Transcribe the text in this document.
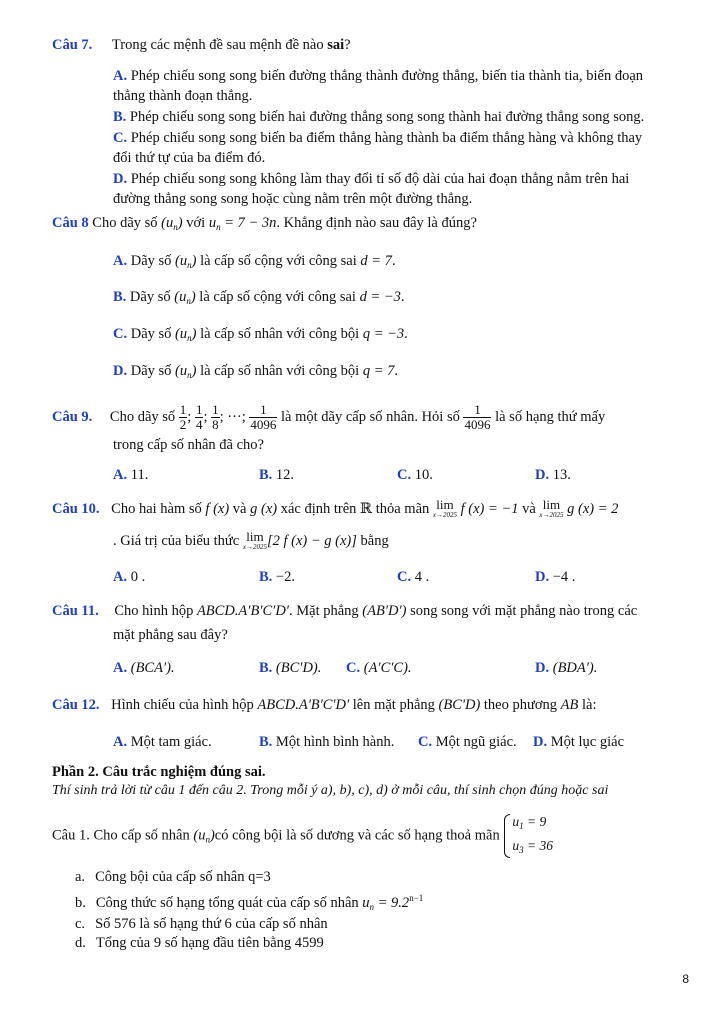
Câu 7. Trong các mệnh đề sau mệnh đề nào sai?
A. Phép chiếu song song biến đường thẳng thành đường thẳng, biến tia thành tia, biến đoạn
thẳng thành đoạn thẳng.
B. Phép chiếu song song biến hai đường thẳng song song thành hai đường thẳng song song.
C. Phép chiếu song song biến ba điểm thẳng hàng thành ba điểm thẳng hàng và không thay
đổi thứ tự của ba điểm đó.
D. Phép chiếu song song không làm thay đổi tỉ số độ dài của hai đoạn thẳng nằm trên hai
đường thẳng song song hoặc cùng nằm trên một đường thẳng.
Câu 8 Cho dãy số $(u_n)$ với $u_n = 7 - 3n$. Khẳng định nào sau đây là đúng?
A. Dãy số $(u_n)$ là cấp số cộng với công sai d = 7.
B. Dãy số $(u_n)$ là cấp số cộng với công sai d = −3.
C. Dãy số $(u_n)$ là cấp số nhân với công bội q = −3.
D. Dãy số $(u_n)$ là cấp số nhân với công bội q = 7.
Câu 9. Cho dãy số $\frac{1}{2}$ ; $\frac{1}{4}$ ; $\frac{1}{8}$ ; ···; $\frac{1}{4096}$ là một dãy cấp số nhân. Hỏi số $\frac{1}{4096}$ là số hạng thứ mấy
trong cấp số nhân đã cho?
A. 11.	B. 12.	C. 10.	D. 13.
Câu 10. Cho hai hàm số f (x) và g (x) xác định trên ℝ thỏa mãn lim
x→2025 f (x) = −1 và lim
x→2025 g (x) = 2
. Giá trị của biểu thức lim
x→2025 [2 f (x) − g (x)] bằng
A. 0 .	B. −2.	C. 4 .	D. −4 .
Câu 11. Cho hình hộp ABCD.A′B′C′D′. Mặt phẳng (AB′D′) song song với mặt phẳng nào trong các
mặt phẳng sau đây?
A. (BCA′).	B. (BC′D). C. (A′C′C).	D. (BDA′).
Câu 12. Hình chiếu của hình hộp ABCD.A'B'C'D' lên mặt phẳng (BC'D) theo phương AB là:
A. Một tam giác.	B. Một hình bình hành. C. Một ngũ giác. D. Một lục giác
Phần 2. Câu trắc nghiệm đúng sai.
Thí sinh trả lời từ câu 1 đến câu 2. Trong mỗi ý a), b), c), d) ở mỗi câu, thí sinh chọn đúng hoặc sai
Câu 1. Cho cấp số nhân $(u_n)có$ công bội là số dương và các số hạng thoả mãn
$u_1 = 9$
$u_3 = 36$
a. Công bội của cấp số nhân q=3
b. Công thức số hạng tổng quát của cấp số nhân $u_n = 9.2^{n-1}$
c. Số 576 là số hạng thứ 6 của cấp số nhân
d. Tổng của 9 số hạng đầu tiên bằng 4599
8
